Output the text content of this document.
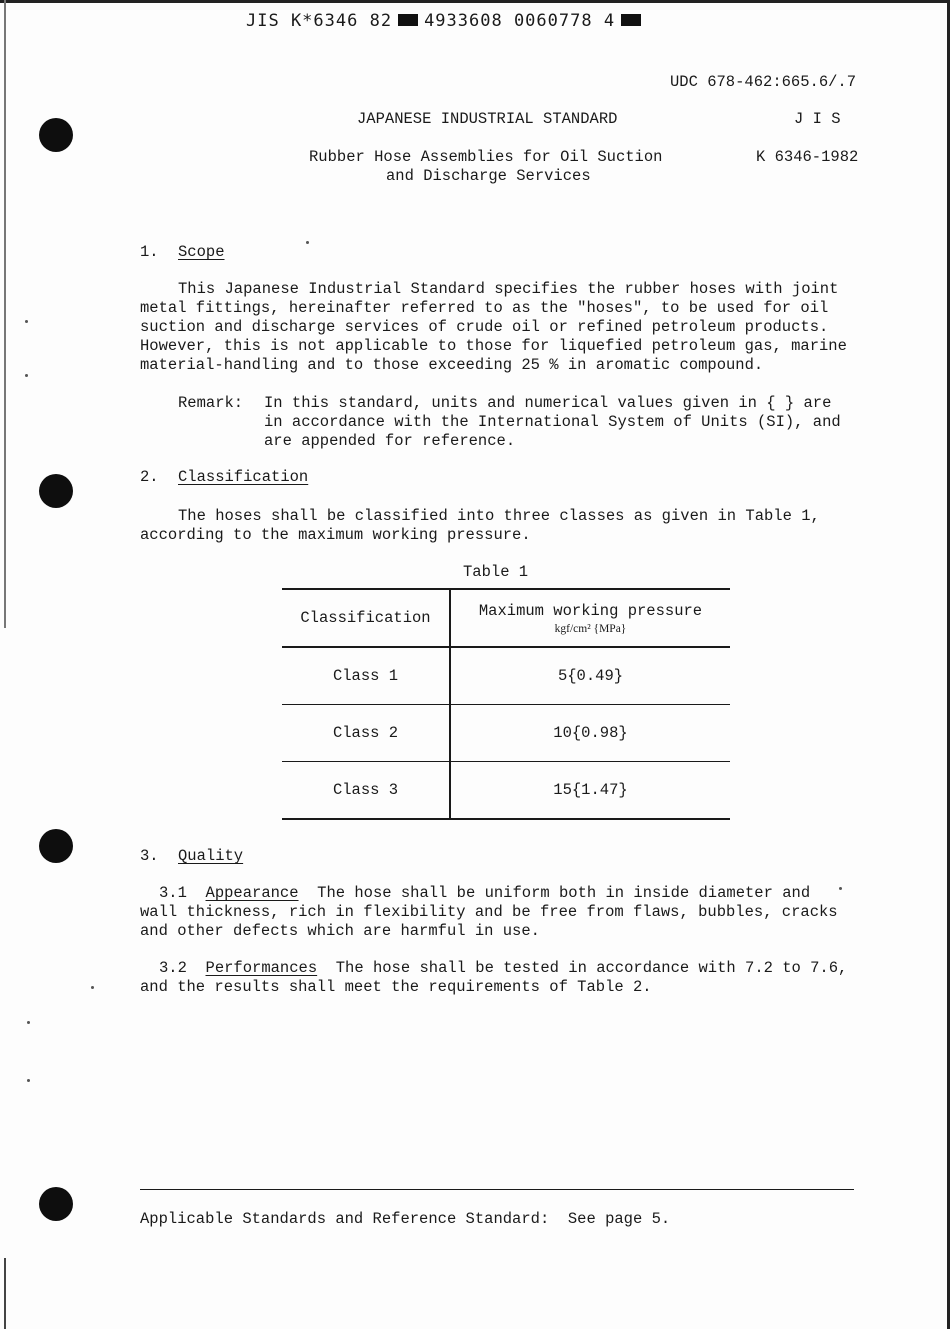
JIS K*6346 82 4933608 0060778 4

UDC 678-462:665.6/.7

JAPANESE INDUSTRIAL STANDARD	J I S

Rubber Hose Assemblies for Oil Suction

and Discharge Services

K 6346-1982

1. Scope

This Japanese Industrial Standard specifies the rubber hoses with joint

metal fittings, hereinafter referred to as the "hoses", to be used for oil

suction and discharge services of crude oil or refined petroleum products.

However, this is not applicable to those for liquefied petroleum gas, marine

material-handling and to those exceeding 25 % in aromatic compound.

Remark: In this standard, units and numerical values given in { } are

in accordance with the International System of Units (SI), and

are appended for reference.

2. Classification

The hoses shall be classified into three classes as given in Table 1,

according to the maximum working pressure.

Table 1

Classification	Maximum working pressure
kgf/cm² {MPa}

Class 1	5{0.49}
Class 2	10{0.98}
Class 3	15{1.47}

3. Quality

3.1 Appearance The hose shall be uniform both in inside diameter and

wall thickness, rich in flexibility and be free from flaws, bubbles, cracks

and other defects which are harmful in use.

3.2 Performances The hose shall be tested in accordance with 7.2 to 7.6,

and the results shall meet the requirements of Table 2.

Applicable Standards and Reference Standard:  See page 5.
